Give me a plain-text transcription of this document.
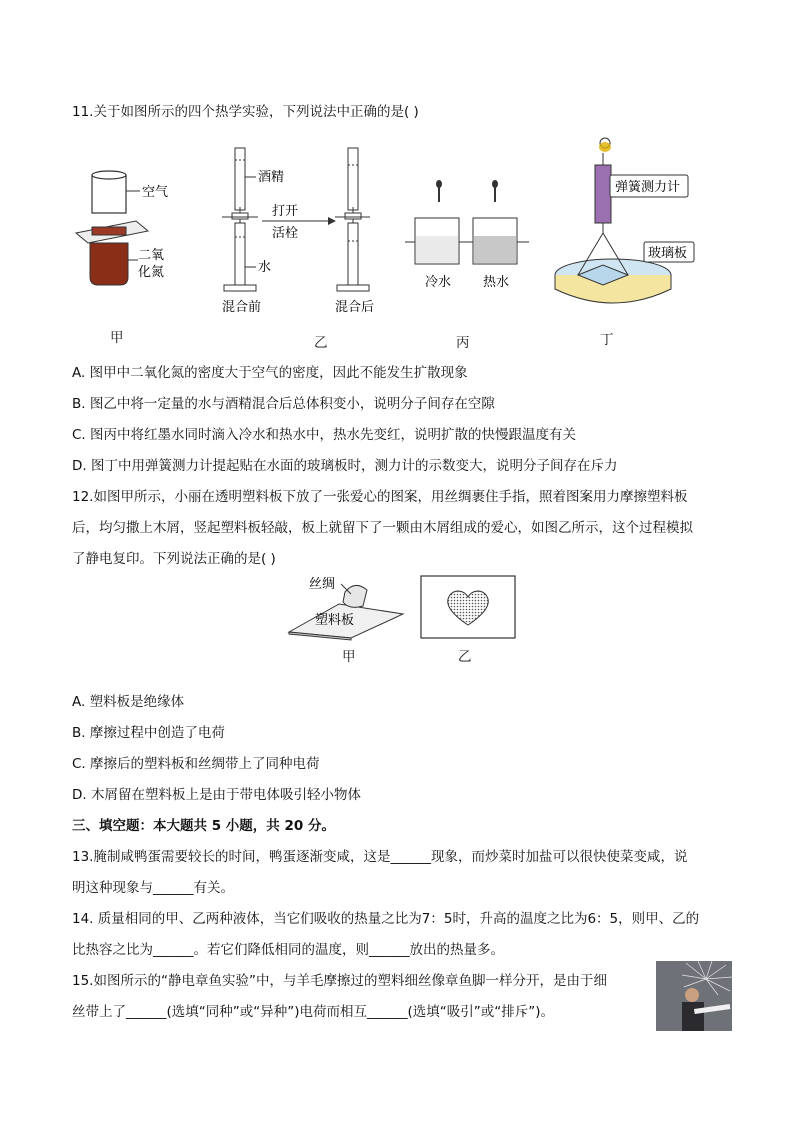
11.关于如图所示的四个热学实验，下列说法中正确的是( )
空气
二氧
化氮
甲
酒精
水
混合前
打开
活栓
混合后
乙
冷水 热水
丙
弹簧测力计
玻璃板
丁
A. 图甲中二氧化氮的密度大于空气的密度，因此不能发生扩散现象
B. 图乙中将一定量的水与酒精混合后总体积变小，说明分子间存在空隙
C. 图丙中将红墨水同时滴入冷水和热水中，热水先变红，说明扩散的快慢跟温度有关
D. 图丁中用弹簧测力计提起贴在水面的玻璃板时，测力计的示数变大，说明分子间存在斥力
12.如图甲所示，小丽在透明塑料板下放了一张爱心的图案，用丝绸裹住手指，照着图案用力摩擦塑料板
后，均匀撒上木屑，竖起塑料板轻敲，板上就留下了一颗由木屑组成的爱心，如图乙所示，这个过程模拟
了静电复印。下列说法正确的是( )
丝绸
塑料板
甲	乙
A. 塑料板是绝缘体
B. 摩擦过程中创造了电荷
C. 摩擦后的塑料板和丝绸带上了同种电荷
D. 木屑留在塑料板上是由于带电体吸引轻小物体
三、填空题：本大题共 5 小题，共 20 分。
13.腌制咸鸭蛋需要较长的时间，鸭蛋逐渐变咸，这是______现象，而炒菜时加盐可以很快使菜变咸，说
明这种现象与______有关。
14. 质量相同的甲、乙两种液体，当它们吸收的热量之比为7：5时，升高的温度之比为6：5，则甲、乙的
比热容之比为______。若它们降低相同的温度，则______放出的热量多。
15.如图所示的“静电章鱼实验”中，与羊毛摩擦过的塑料细丝像章鱼脚一样分开，是由于细
丝带上了______(选填“同种”或“异种”)电荷而相互______(选填“吸引”或“排斥”)。
